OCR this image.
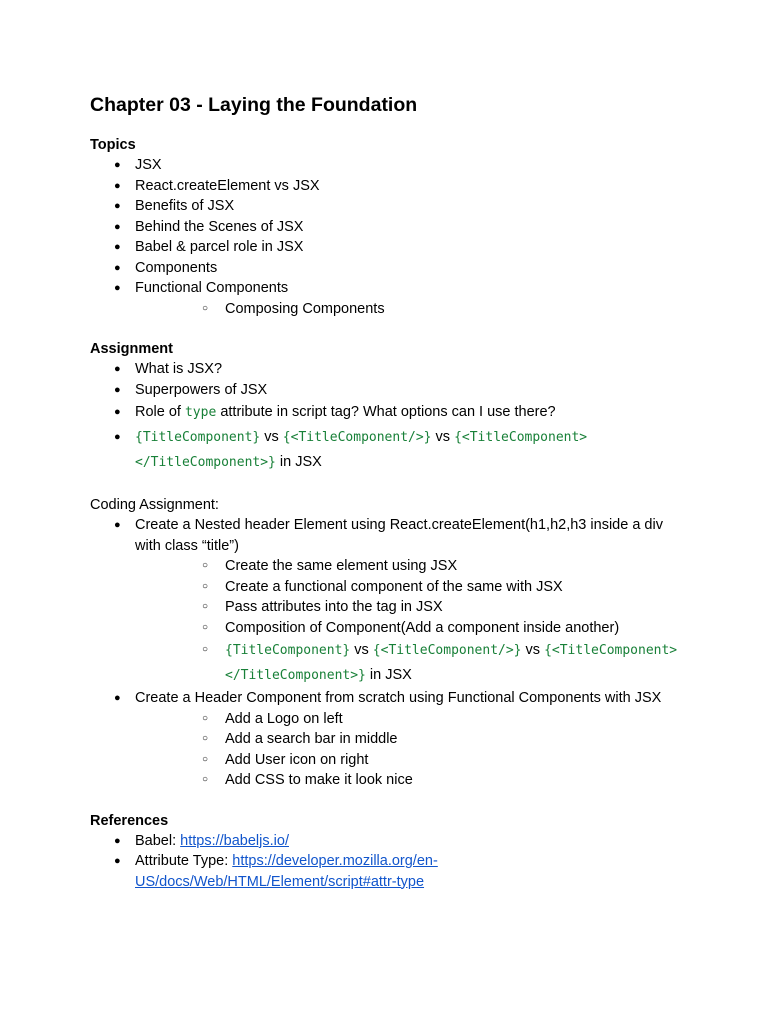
Chapter 03 - Laying the Foundation
Topics
● JSX
● React.createElement vs JSX
● Benefits of JSX
● Behind the Scenes of JSX
● Babel & parcel role in JSX
● Components
● Functional Components
○ Composing Components
Assignment
● What is JSX?
● Superpowers of JSX
● Role of type attribute in script tag? What options can I use there?
● {TitleComponent} vs {<TitleComponent/>} vs {<TitleComponent></TitleComponent>} in JSX
Coding Assignment:
● Create a Nested header Element using React.createElement(h1,h2,h3 inside a div with class “title”)
○ Create the same element using JSX
○ Create a functional component of the same with JSX
○ Pass attributes into the tag in JSX
○ Composition of Component(Add a component inside another)
○ {TitleComponent} vs {<TitleComponent/>} vs {<TitleComponent></TitleComponent>} in JSX
● Create a Header Component from scratch using Functional Components with JSX
○ Add a Logo on left
○ Add a search bar in middle
○ Add User icon on right
○ Add CSS to make it look nice
References
● Babel: https://babeljs.io/
● Attribute Type: https://developer.mozilla.org/en-US/docs/Web/HTML/Element/script#attr-type
